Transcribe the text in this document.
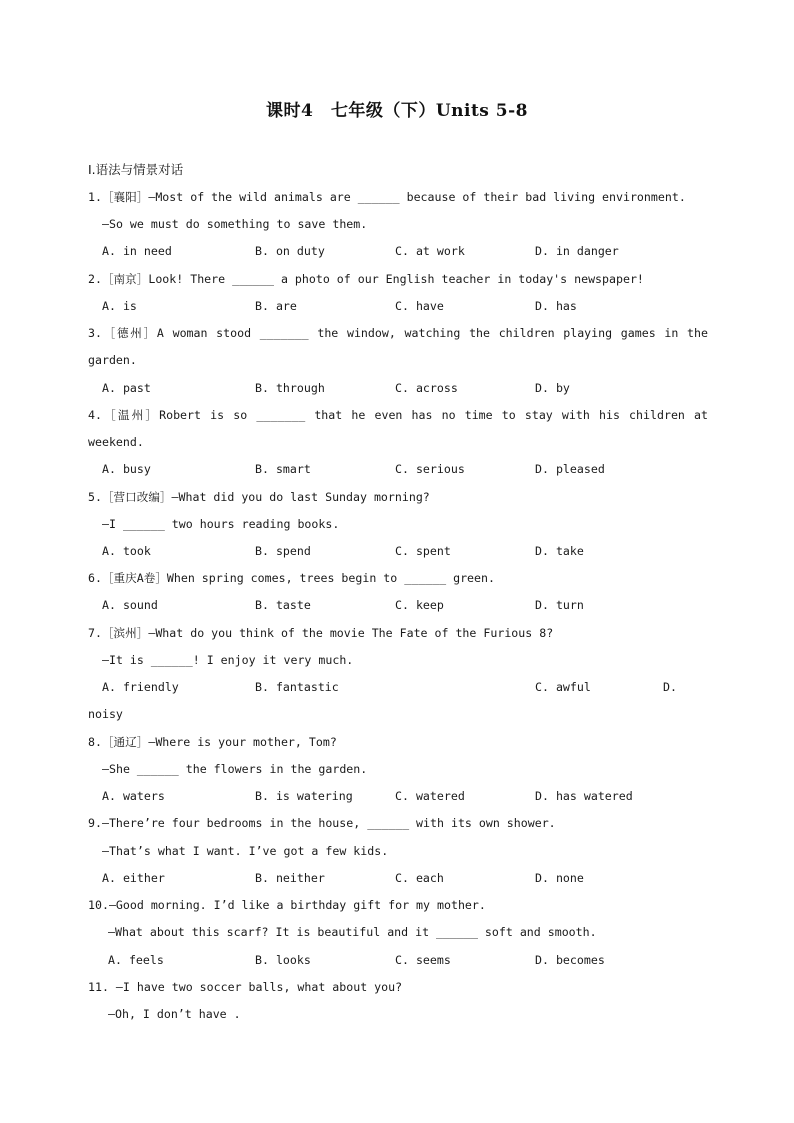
课时4　七年级（下）Units 5-8
Ⅰ.语法与情景对话
1.［襄阳］—Most of the wild animals are ______ because of their bad living environment.
—So we must do something to save them.
A. in need	B. on duty	C. at work	D. in danger
2.［南京］Look! There ______ a photo of our English teacher in today's newspaper!
A. is	B. are	C. have	D. has
3.［德州］A woman stood _______ the window, watching the children playing games in the
garden.
A. past	B. through	C. across	D. by
4.［温州］Robert is so _______ that he even has no time to stay with his children at
weekend.
A. busy	B. smart	C. serious	D. pleased
5.［营口改编］—What did you do last Sunday morning?
—I ______ two hours reading books.
A. took	B. spend	C. spent	D. take
6.［重庆A卷］When spring comes, trees begin to ______ green.
A. sound	B. taste	C. keep	D. turn
7.［滨州］—What do you think of the movie The Fate of the Furious 8?
—It is ______! I enjoy it very much.
A. friendly	B. fantastic	C. awful	D.
noisy
8.［通辽］—Where is your mother, Tom?
—She ______ the flowers in the garden.
A. waters	B. is watering	C. watered	D. has watered
9.—There’re four bedrooms in the house, ______ with its own shower.
—That’s what I want. I’ve got a few kids.
A. either	B. neither	C. each	D. none
10.—Good morning. I’d like a birthday gift for my mother.
—What about this scarf? It is beautiful and it ______ soft and smooth.
A. feels	B. looks	C. seems	D. becomes
11. —I have two soccer balls, what about you?
—Oh, I don’t have .
